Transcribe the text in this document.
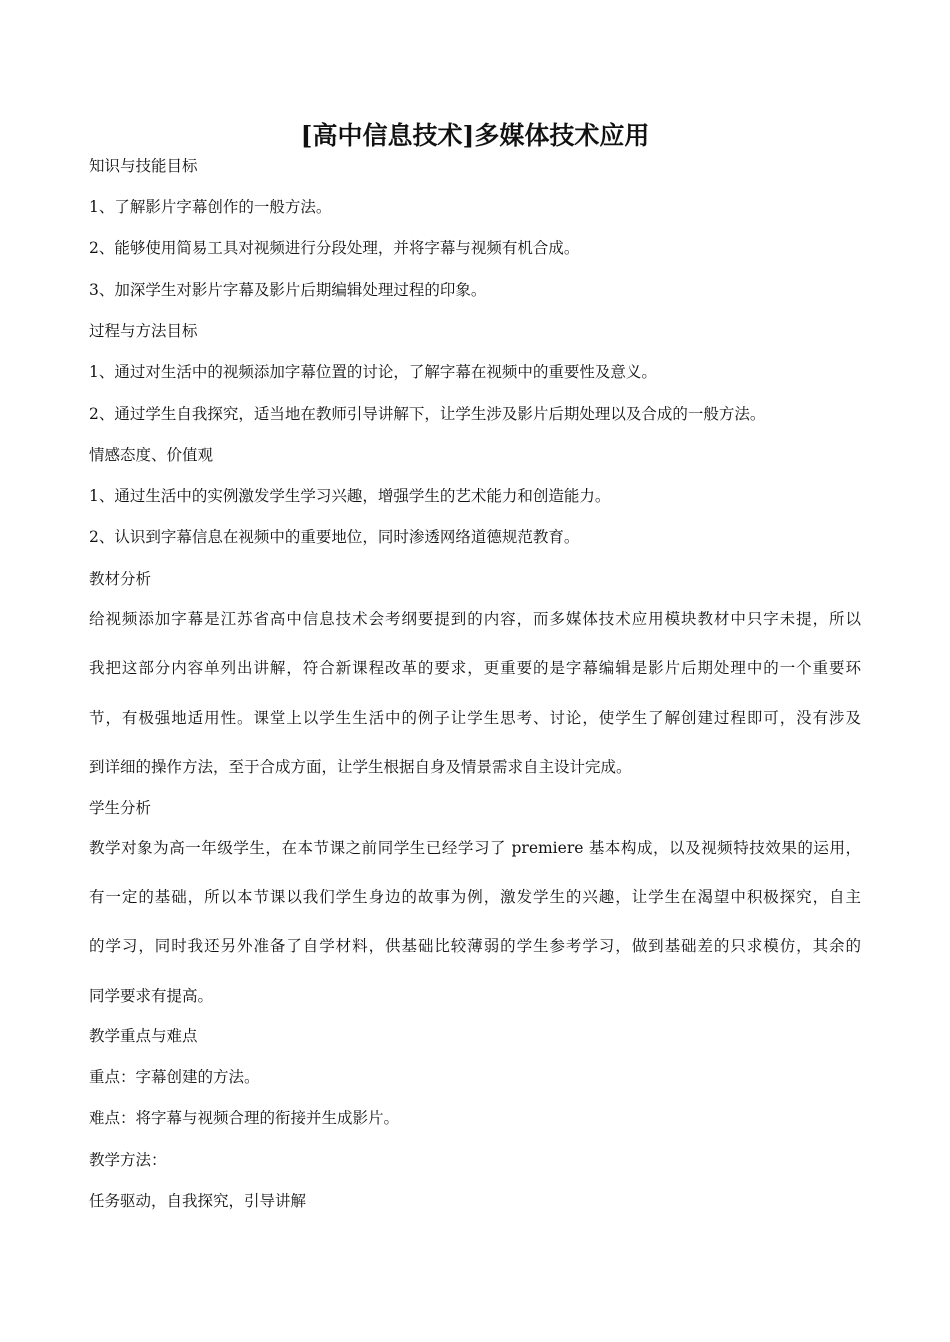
[高中信息技术]多媒体技术应用
知识与技能目标
1、了解影片字幕创作的一般方法。
2、能够使用简易工具对视频进行分段处理，并将字幕与视频有机合成。
3、加深学生对影片字幕及影片后期编辑处理过程的印象。
过程与方法目标
1、通过对生活中的视频添加字幕位置的讨论，了解字幕在视频中的重要性及意义。
2、通过学生自我探究，适当地在教师引导讲解下，让学生涉及影片后期处理以及合成的一般方法。
情感态度、价值观
1、通过生活中的实例激发学生学习兴趣，增强学生的艺术能力和创造能力。
2、认识到字幕信息在视频中的重要地位，同时渗透网络道德规范教育。
教材分析
给视频添加字幕是江苏省高中信息技术会考纲要提到的内容，而多媒体技术应用模块教材中只字未提，所以
我把这部分内容单列出讲解，符合新课程改革的要求，更重要的是字幕编辑是影片后期处理中的一个重要环
节，有极强地适用性。课堂上以学生生活中的例子让学生思考、讨论，使学生了解创建过程即可，没有涉及
到详细的操作方法，至于合成方面，让学生根据自身及情景需求自主设计完成。
学生分析
教学对象为高一年级学生，在本节课之前同学生已经学习了 premiere 基本构成，以及视频特技效果的运用，
有一定的基础，所以本节课以我们学生身边的故事为例，激发学生的兴趣，让学生在渴望中积极探究，自主
的学习，同时我还另外准备了自学材料，供基础比较薄弱的学生参考学习，做到基础差的只求模仿，其余的
同学要求有提高。
教学重点与难点
重点：字幕创建的方法。
难点：将字幕与视频合理的衔接并生成影片。
教学方法：
任务驱动，自我探究，引导讲解
